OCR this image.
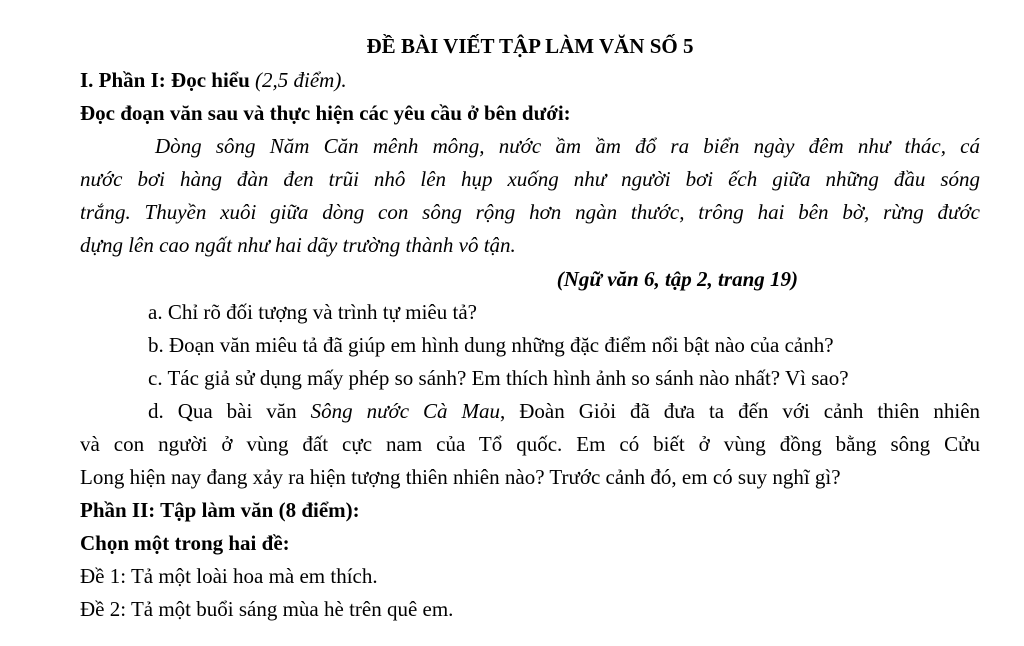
ĐỀ BÀI VIẾT TẬP LÀM VĂN SỐ 5
I. Phần I: Đọc hiểu (2,5 điểm).
Đọc đoạn văn sau và thực hiện các yêu cầu ở bên dưới:
Dòng sông Năm Căn mênh mông, nước ầm ầm đổ ra biển ngày đêm như thác, cá
nước bơi hàng đàn đen trũi nhô lên hụp xuống như người bơi ếch giữa những đầu sóng
trắng. Thuyền xuôi giữa dòng con sông rộng hơn ngàn thước, trông hai bên bờ, rừng đước
dựng lên cao ngất như hai dãy trường thành vô tận.
(Ngữ văn 6, tập 2, trang 19)
a. Chỉ rõ đối tượng và trình tự miêu tả?
b. Đoạn văn miêu tả đã giúp em hình dung những đặc điểm nổi bật nào của cảnh?
c. Tác giả sử dụng mấy phép so sánh? Em thích hình ảnh so sánh nào nhất? Vì sao?
d. Qua bài văn Sông nước Cà Mau, Đoàn Giỏi đã đưa ta đến với cảnh thiên nhiên
và con người ở vùng đất cực nam của Tổ quốc. Em có biết ở vùng đồng bằng sông Cửu
Long hiện nay đang xảy ra hiện tượng thiên nhiên nào? Trước cảnh đó, em có suy nghĩ gì?
Phần II: Tập làm văn (8 điểm):
Chọn một trong hai đề:
Đề 1: Tả một loài hoa mà em thích.
Đề 2: Tả một buổi sáng mùa hè trên quê em.
